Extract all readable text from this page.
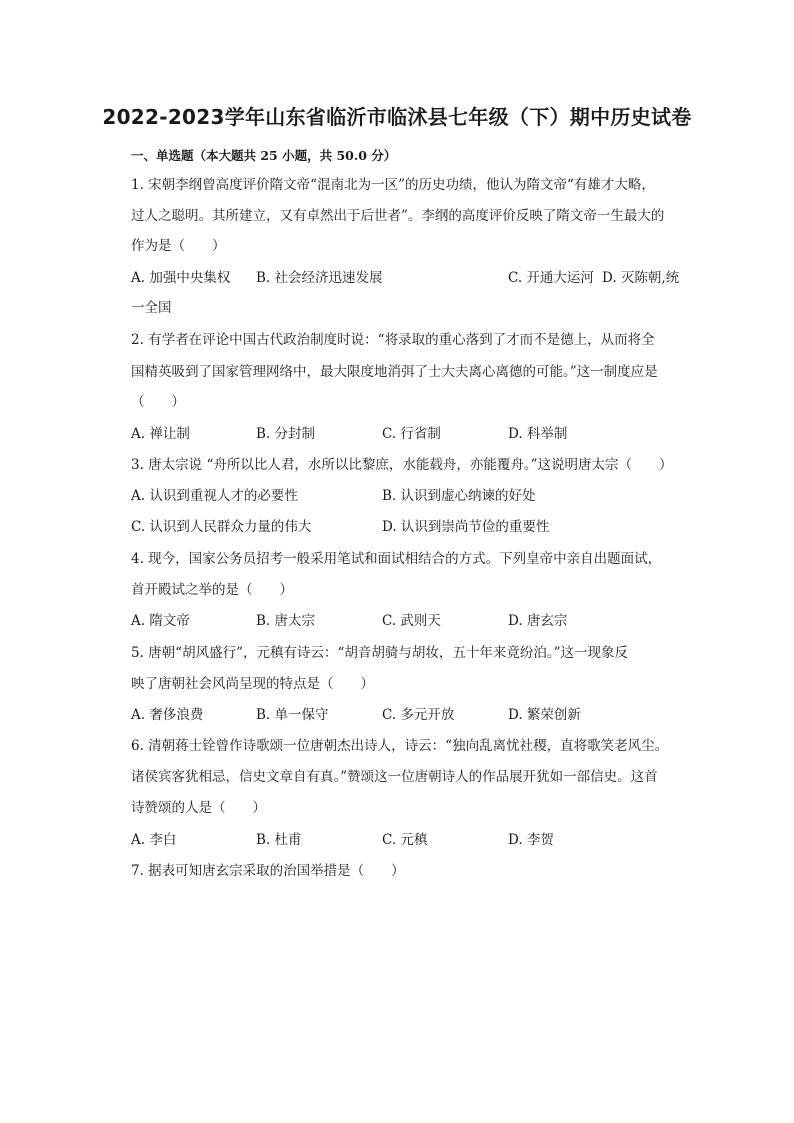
2022-2023学年山东省临沂市临沭县七年级（下）期中历史试卷
一、单选题（本大题共 25 小题，共 50.0 分）
1. 宋朝李纲曾高度评价隋文帝“混南北为一区”的历史功绩，他认为隋文帝“有雄才大略，
过人之聪明。其所建立，又有卓然出于后世者”。李纲的高度评价反映了隋文帝一生最大的
作为是（　　）
A. 加强中央集权 B. 社会经济迅速发展	C. 开通大运河 D. 灭陈朝,统
一全国
2. 有学者在评论中国古代政治制度时说：“将录取的重心落到了才而不是德上，从而将全
国精英吸到了国家管理网络中，最大限度地消弭了士大夫离心离德的可能。”这一制度应是
（　　）
A. 禅让制	B. 分封制	C. 行省制	D. 科举制
3. 唐太宗说 “舟所以比人君，水所以比黎庶，水能载舟，亦能覆舟。”这说明唐太宗（　　）
A. 认识到重视人才的必要性	B. 认识到虚心纳谏的好处
C. 认识到人民群众力量的伟大	D. 认识到崇尚节俭的重要性
4. 现今，国家公务员招考一般采用笔试和面试相结合的方式。下列皇帝中亲自出题面试，
首开殿试之举的是（　　）
A. 隋文帝	B. 唐太宗	C. 武则天	D. 唐玄宗
5. 唐朝“胡风盛行”，元稹有诗云：“胡音胡骑与胡妆，五十年来竟纷泊。”这一现象反
映了唐朝社会风尚呈现的特点是（　　）
A. 奢侈浪费	B. 单一保守	C. 多元开放	D. 繁荣创新
6. 清朝蒋士铨曾作诗歌颂一位唐朝杰出诗人，诗云：“独向乱离忧社稷，直将歌笑老风尘。
诸侯宾客犹相忌，信史文章自有真。”赞颂这一位唐朝诗人的作品展开犹如一部信史。这首
诗赞颂的人是（　　）
A. 李白	B. 杜甫	C. 元稹	D. 李贺
7. 据表可知唐玄宗采取的治国举措是（　　）
